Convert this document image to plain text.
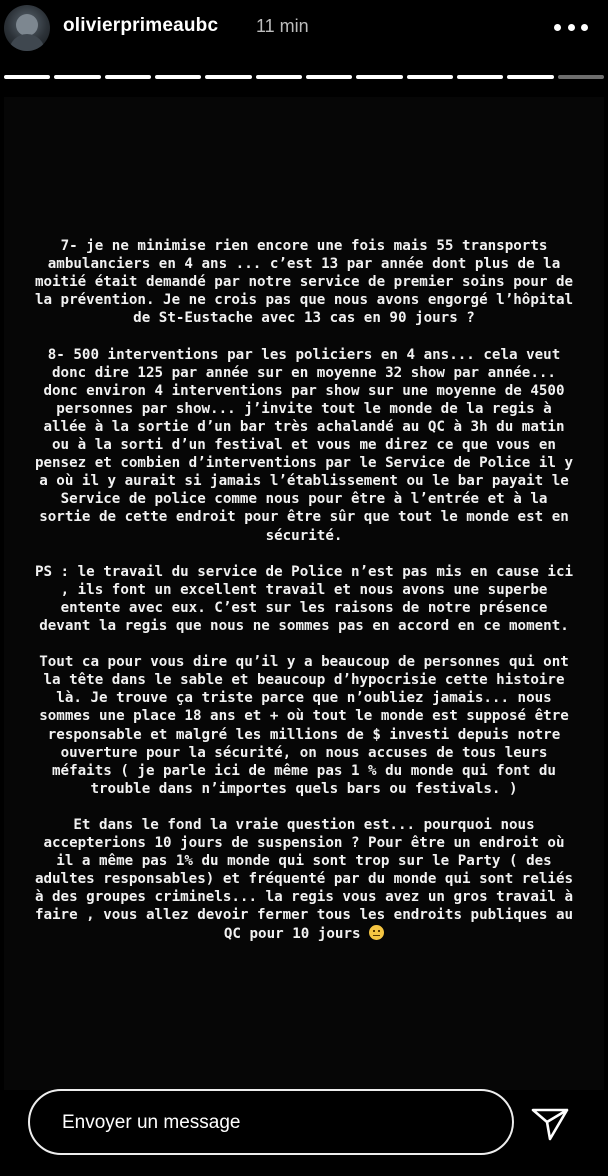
olivierprimeaubc 11 min

7- je ne minimise rien encore une fois mais 55 transports ambulanciers en 4 ans ... c’est 13 par année dont plus de la moitié était demandé par notre service de premier soins pour de la prévention. Je ne crois pas que nous avons engorgé l’hôpital de St-Eustache avec 13 cas en 90 jours ?

8- 500 interventions par les policiers en 4 ans... cela veut donc dire 125 par année sur en moyenne 32 show par année... donc environ 4 interventions par show sur une moyenne de 4500 personnes par show... j’invite tout le monde de la regis à allée à la sortie d’un bar très achalandé au QC à 3h du matin ou à la sorti d’un festival et vous me direz ce que vous en pensez et combien d’interventions par le Service de Police il y a où il y aurait si jamais l’établissement ou le bar payait le Service de police comme nous pour être à l’entrée et à la sortie de cette endroit pour être sûr que tout le monde est en sécurité.

PS : le travail du service de Police n’est pas mis en cause ici , ils font un excellent travail et nous avons une superbe entente avec eux. C’est sur les raisons de notre présence devant la regis que nous ne sommes pas en accord en ce moment.

Tout ca pour vous dire qu’il y a beaucoup de personnes qui ont la tête dans le sable et beaucoup d’hypocrisie cette histoire là. Je trouve ça triste parce que n’oubliez jamais... nous sommes une place 18 ans et + où tout le monde est supposé être responsable et malgré les millions de $ investi depuis notre ouverture pour la sécurité, on nous accuses de tous leurs méfaits ( je parle ici de même pas 1 % du monde qui font du trouble dans n’importes quels bars ou festivals. )

Et dans le fond la vraie question est... pourquoi nous accepterions 10 jours de suspension ? Pour être un endroit où il a même pas 1% du monde qui sont trop sur le Party ( des adultes responsables) et fréquenté par du monde qui sont reliés à des groupes criminels... la regis vous avez un gros travail à faire , vous allez devoir fermer tous les endroits publiques au QC pour 10 jours

Envoyer un message
